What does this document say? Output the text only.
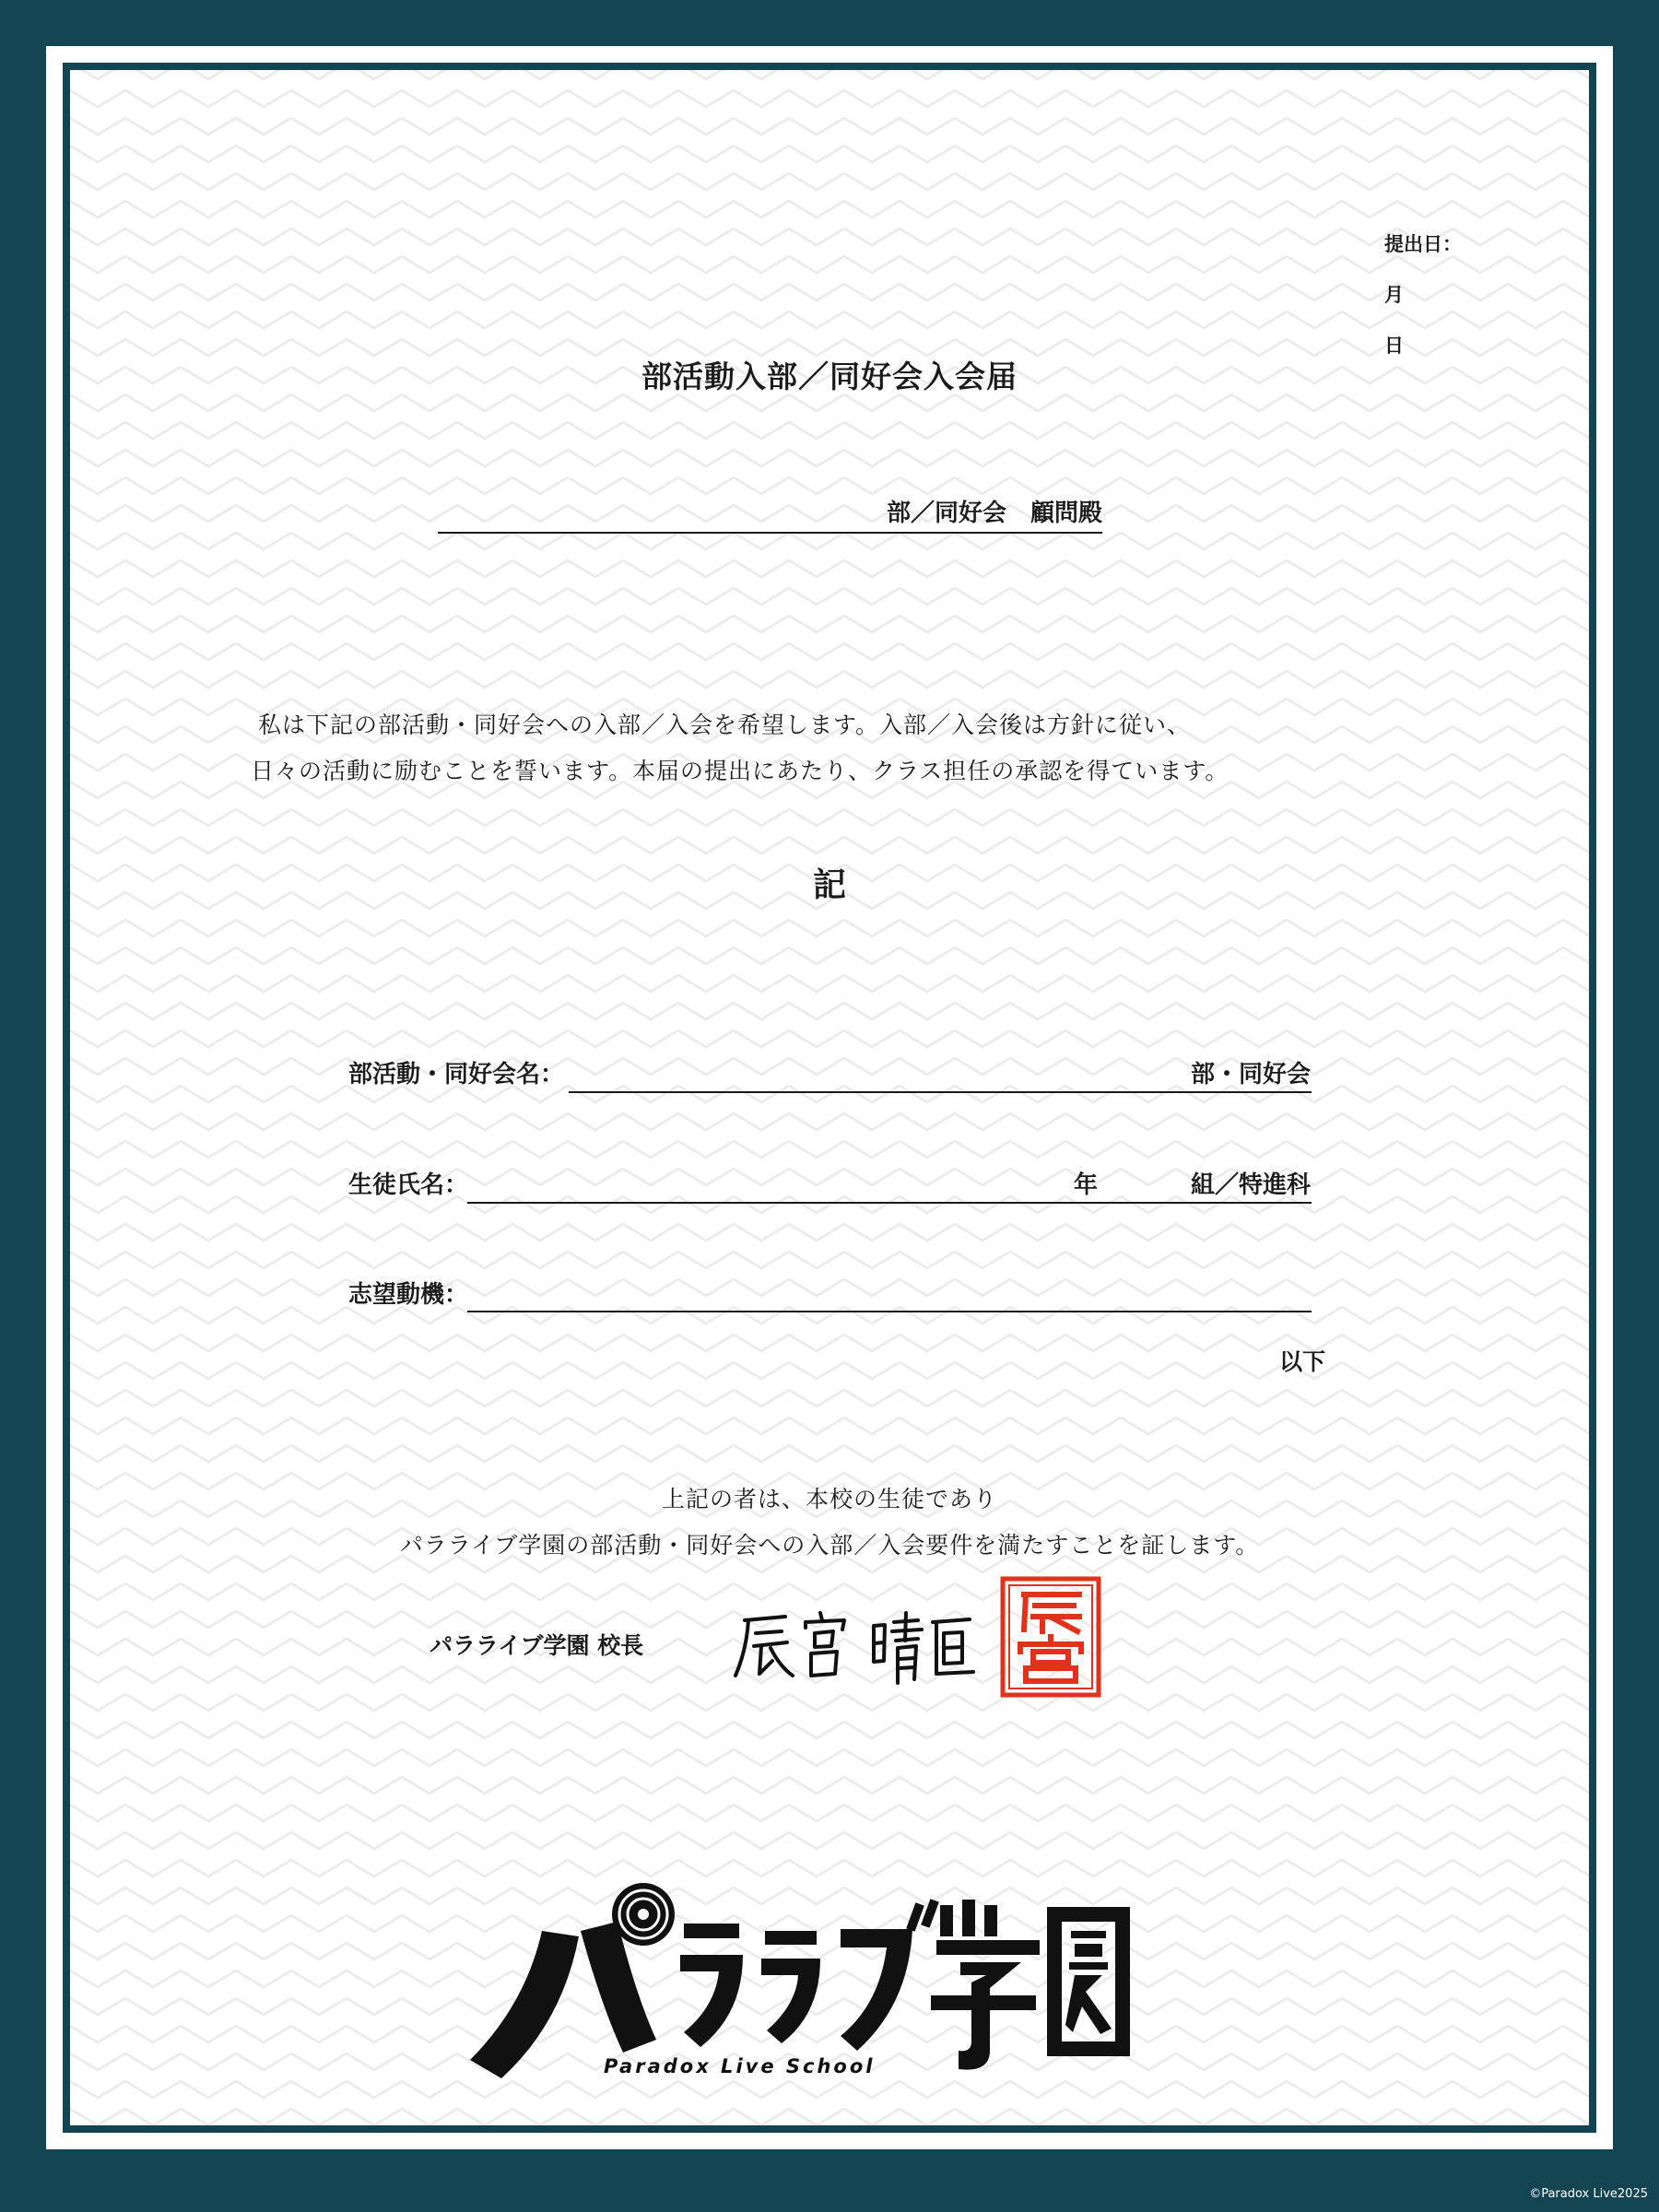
提出日：

月

日

部活動入部／同好会入会届
部／同好会　顧問殿
私は下記の部活動・同好会への入部／入会を希望します。入部／入会後は方針に従い、
日々の活動に励むことを誓います。本届の提出にあたり、クラス担任の承認を得ています。
記
部活動・同好会名：	部・同好会
生徒氏名：	年	組／特進科
志望動機：
以下
上記の者は、本校の生徒であり
パラライブ学園の部活動・同好会への入部／入会要件を満たすことを証します。
パラライブ学園 校長
Paradox Live School
©Paradox Live2025
